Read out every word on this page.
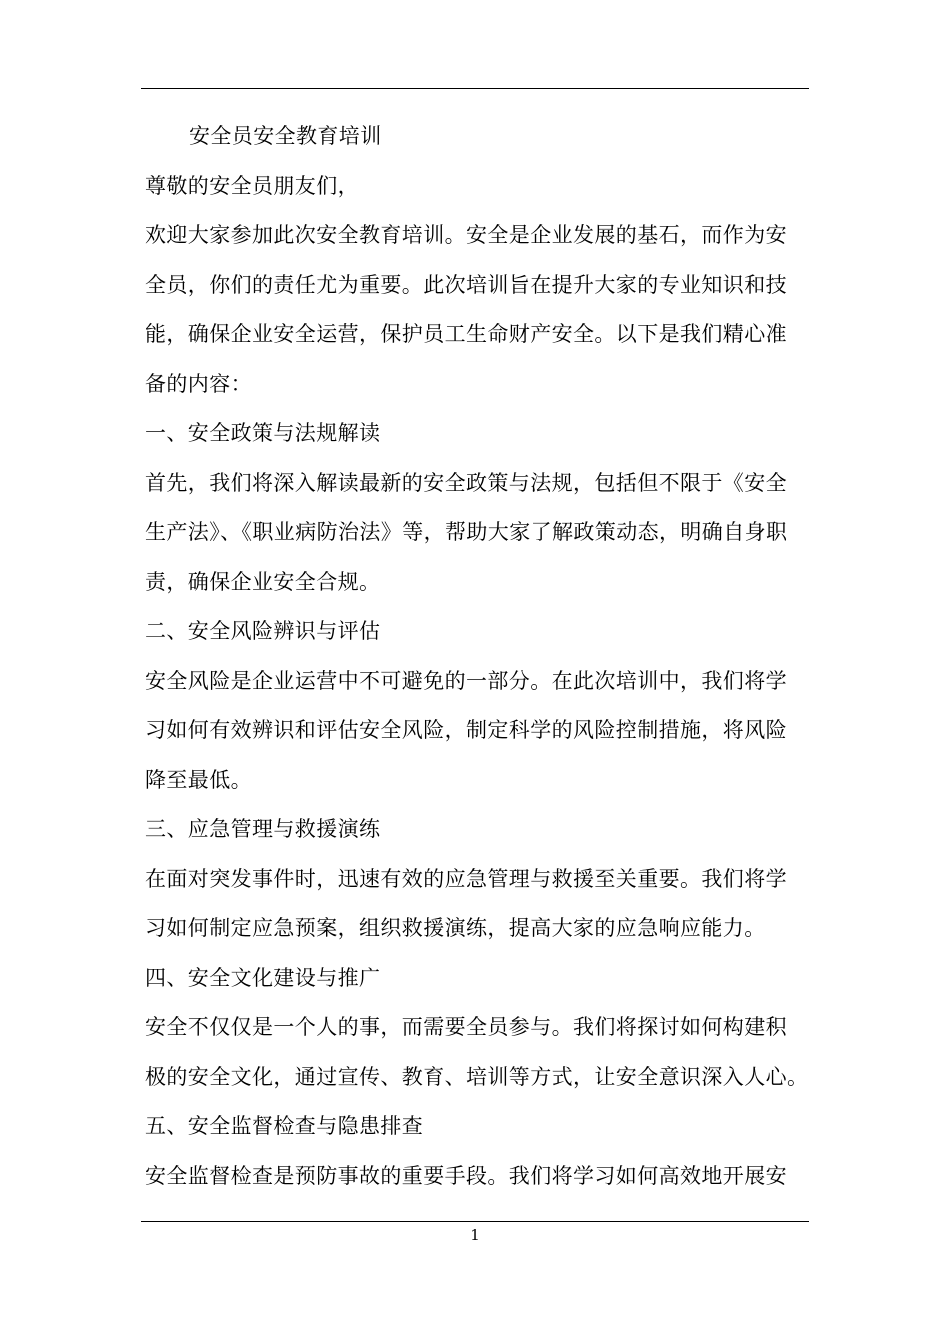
安全员安全教育培训
尊敬的安全员朋友们，
欢迎大家参加此次安全教育培训。安全是企业发展的基石，而作为安
全员，你们的责任尤为重要。此次培训旨在提升大家的专业知识和技
能，确保企业安全运营，保护员工生命财产安全。以下是我们精心准
备的内容：
一、安全政策与法规解读
首先，我们将深入解读最新的安全政策与法规，包括但不限于《安全
生产法》、《职业病防治法》等，帮助大家了解政策动态，明确自身职
责，确保企业安全合规。
二、安全风险辨识与评估
安全风险是企业运营中不可避免的一部分。在此次培训中，我们将学
习如何有效辨识和评估安全风险，制定科学的风险控制措施，将风险
降至最低。
三、应急管理与救援演练
在面对突发事件时，迅速有效的应急管理与救援至关重要。我们将学
习如何制定应急预案，组织救援演练，提高大家的应急响应能力。
四、安全文化建设与推广
安全不仅仅是一个人的事，而需要全员参与。我们将探讨如何构建积
极的安全文化，通过宣传、教育、培训等方式，让安全意识深入人心。
五、安全监督检查与隐患排查
安全监督检查是预防事故的重要手段。我们将学习如何高效地开展安
1
